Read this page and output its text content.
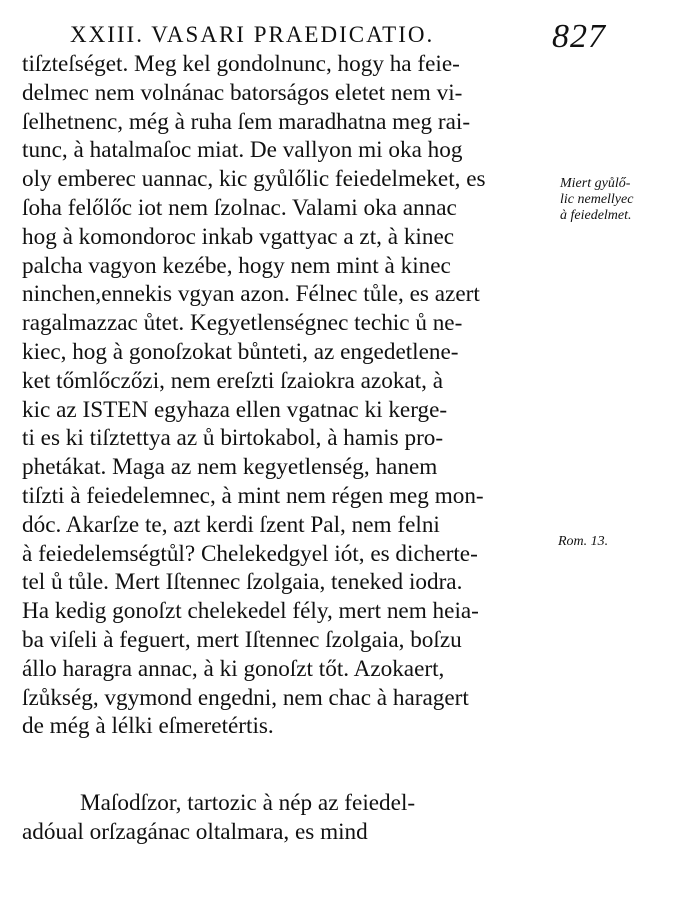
XXIII. VASARI PRAEDICATIO.	827
tiſzteſséget. Meg kel gondolnunc, hogy ha feie-
delmec nem volnánac batorságos eletet nem vi-
ſelhetnenc, még à ruha ſem maradhatna meg rai-
tunc, à hatalmaſoc miat. De vallyon mi oka hog
oly emberec uannac, kic gyůlőlic feiedelmeket, es
ſoha felőlőc iot nem ſzolnac. Valami oka annac
hog à komondoroc inkab vgattyac a zt, à kinec
palcha vagyon kezébe, hogy nem mint à kinec
ninchen,ennekis vgyan azon. Félnec tůle, es azert
ragalmazzac ůtet. Kegyetlenségnec techic ů ne-
kiec, hog à gonoſzokat bůnteti, az engedetlene-
ket tőmlőczőzi, nem ereſzti ſzaiokra azokat, à
kic az ISTEN egyhaza ellen vgatnac ki kerge-
ti es ki tiſztettya az ů birtokabol, à hamis pro-
phetákat. Maga az nem kegyetlenség, hanem
tiſzti à feiedelemnec, à mint nem régen meg mon-
dóc. Akarſze te, azt kerdi ſzent Pal, nem felni
à feiedelemségtůl? Chelekedgyel iót, es dicherte-
tel ů tůle. Mert Iſtennec ſzolgaia, teneked iodra.
Ha kedig gonoſzt chelekedel fély, mert nem heia-
ba viſeli à feguert, mert Iſtennec ſzolgaia, boſzu
állo haragra annac, à ki gonoſzt tőt. Azokaert,
ſzůkség, vgymond engedni, nem chac à haragert
de még à lélki eſmeretértis.
Maſodſzor, tartozic à nép az feiedel-
adóual orſzagánac oltalmara, es mind
Miert gyůlő-
lic nemellyec
à feiedelmet.
Rom. 13.
